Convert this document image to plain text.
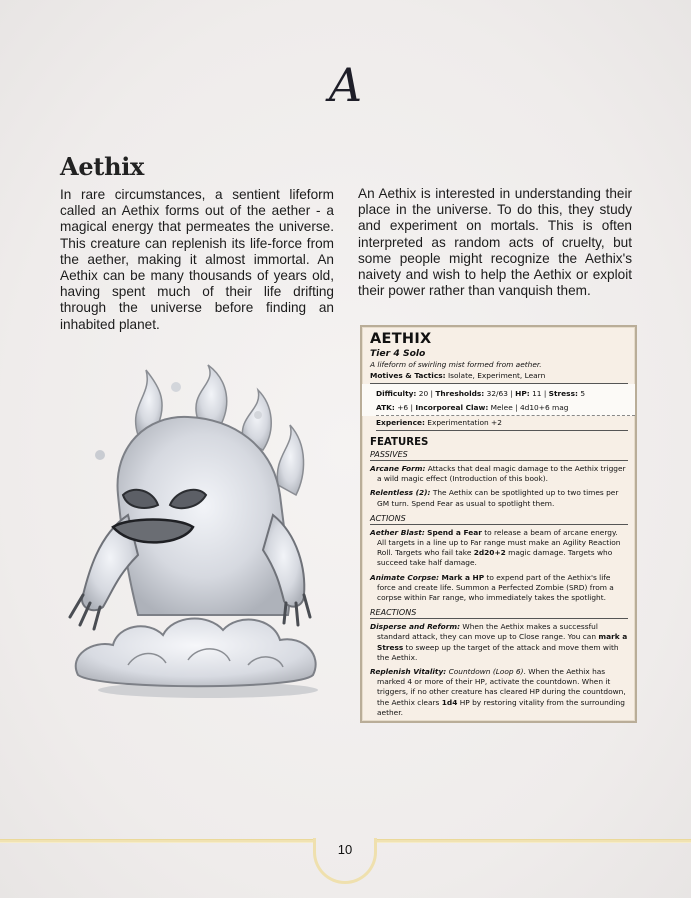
A
Aethix

In rare circumstances, a sentient lifeform called an Aethix forms out of the aether - a magical energy that permeates the universe. This creature can replenish its life-force from the aether, making it almost immortal. An Aethix can be many thousands of years old, having spent much of their life drifting through the universe before finding an inhabited planet.

An Aethix is interested in understanding their place in the universe. To do this, they study and experiment on mortals. This is often interpreted as random acts of cruelty, but some people might recognize the Aethix's naivety and wish to help the Aethix or exploit their power rather than vanquish them.

AETHIX
Tier 4 Solo
A lifeform of swirling mist formed from aether.
Motives & Tactics: Isolate, Experiment, Learn
Difficulty: 20 | Thresholds: 32/63 | HP: 11 | Stress: 5
ATK: +6 | Incorporeal Claw: Melee | 4d10+6 mag
Experience: Experimentation +2
FEATURES
PASSIVES
Arcane Form: Attacks that deal magic damage to the Aethix trigger a wild magic effect (Introduction of this book).
Relentless (2): The Aethix can be spotlighted up to two times per GM turn. Spend Fear as usual to spotlight them.
ACTIONS
Aether Blast: Spend a Fear to release a beam of arcane energy. All targets in a line up to Far range must make an Agility Reaction Roll. Targets who fail take 2d20+2 magic damage. Targets who succeed take half damage.
Animate Corpse: Mark a HP to expend part of the Aethix's life force and create life. Summon a Perfected Zombie (SRD) from a corpse within Far range, who immediately takes the spotlight.
REACTIONS
Disperse and Reform: When the Aethix makes a successful standard attack, they can move up to Close range. You can mark a Stress to sweep up the target of the attack and move them with the Aethix.
Replenish Vitality: Countdown (Loop 6). When the Aethix has marked 4 or more of their HP, activate the countdown. When it triggers, if no other creature has cleared HP during the countdown, the Aethix clears 1d4 HP by restoring vitality from the surrounding aether.
10
